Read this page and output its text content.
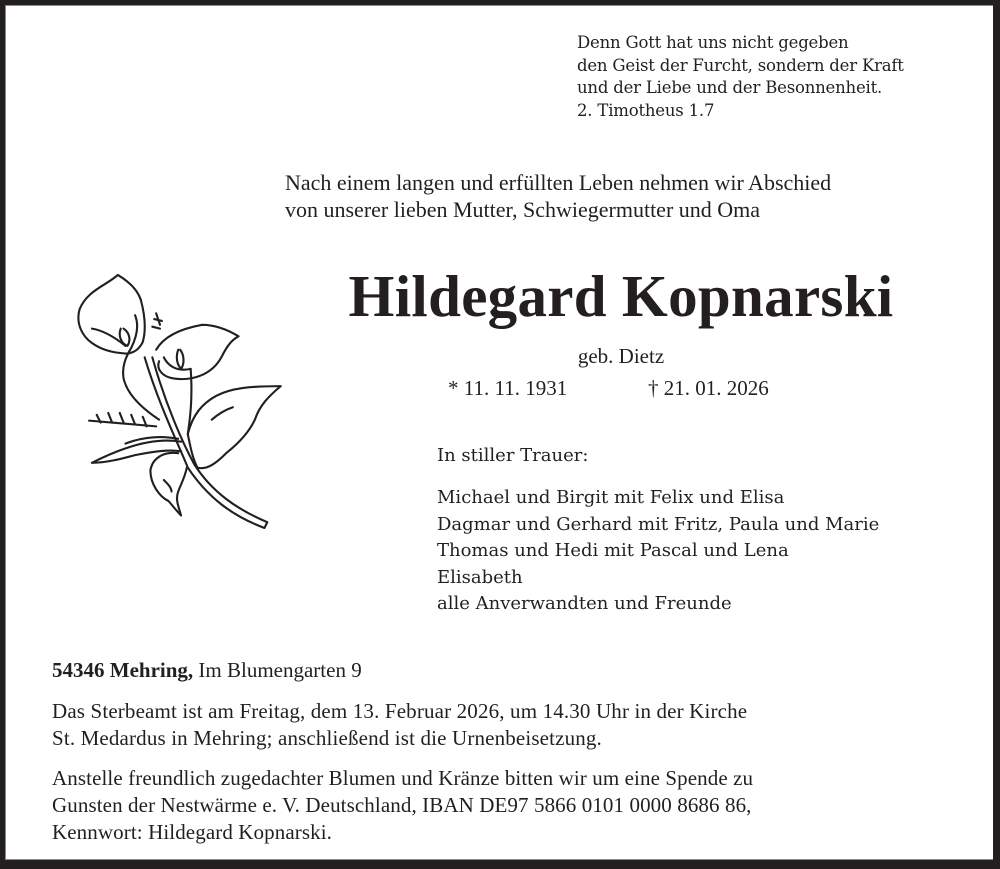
Denn Gott hat uns nicht gegeben
den Geist der Furcht, sondern der Kraft
und der Liebe und der Besonnenheit.
2. Timotheus 1.7
Nach einem langen und erfüllten Leben nehmen wir Abschied
von unserer lieben Mutter, Schwiegermutter und Oma
Hildegard Kopnarski
geb. Dietz
* 11. 11. 1931	† 21. 01. 2026
In stiller Trauer:
Michael und Birgit mit Felix und Elisa
Dagmar und Gerhard mit Fritz, Paula und Marie
Thomas und Hedi mit Pascal und Lena
Elisabeth
alle Anverwandten und Freunde
54346 Mehring, Im Blumengarten 9
Das Sterbeamt ist am Freitag, dem 13. Februar 2026, um 14.30 Uhr in der Kirche
St. Medardus in Mehring; anschließend ist die Urnenbeisetzung.
Anstelle freundlich zugedachter Blumen und Kränze bitten wir um eine Spende zu
Gunsten der Nestwärme e. V. Deutschland, IBAN DE97 5866 0101 0000 8686 86,
Kennwort: Hildegard Kopnarski.
